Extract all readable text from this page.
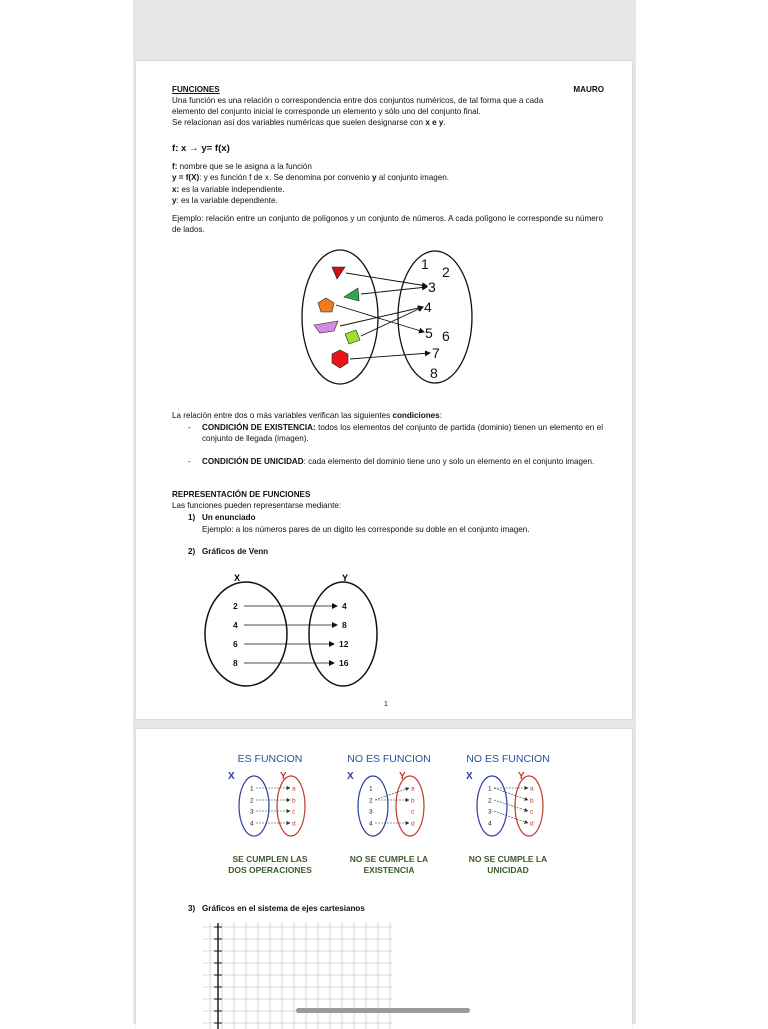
FUNCIONES	MAURO
Una función es una relación o correspondencia entre dos conjuntos numéricos, de tal forma que a cada
elemento del conjunto inicial le corresponde un elemento y sólo uno del conjunto final.
Se relacionan así dos variables numéricas que suelen designarse con x e y.
f: x → y= f(x)
f: nombre que se le asigna a la función
y = f(X): y es función f de x. Se denomina por convenio y al conjunto imagen.
x: es la variable independiente.
y: es la variable dependiente.
Ejemplo: relación entre un conjunto de polígonos y un conjunto de números. A cada polígono le corresponde su número de lados.
1 2
3
4
5 6
7
8
La relación entre dos o más variables verifican las siguientes condiciones:
- CONDICIÓN DE EXISTENCIA: todos los elementos del conjunto de partida (dominio) tienen un elemento en el conjunto de llegada (imagen).
- CONDICIÓN DE UNICIDAD: cada elemento del dominio tiene uno y solo un elemento en el conjunto imagen.
REPRESENTACIÓN DE FUNCIONES
Las funciones pueden representarse mediante:
1) Un enunciado
Ejemplo: a los números pares de un digito les corresponde su doble en el conjunto imagen.
2) Gráficos de Venn
X	Y
2
4
6
8
4
8
12
16
1
ES FUNCION
X	Y
1	a
2	b
3	c
4	d
SE CUMPLEN LAS
DOS OPERACIONES
NO ES FUNCION
X	Y
1	a
2	b
3	c
4	d
NO SE CUMPLE LA
EXISTENCIA
NO ES FUNCION
X	Y
1	a
2	b
3	c
4	d
NO SE CUMPLE LA
UNICIDAD
3) Gráficos en el sistema de ejes cartesianos
